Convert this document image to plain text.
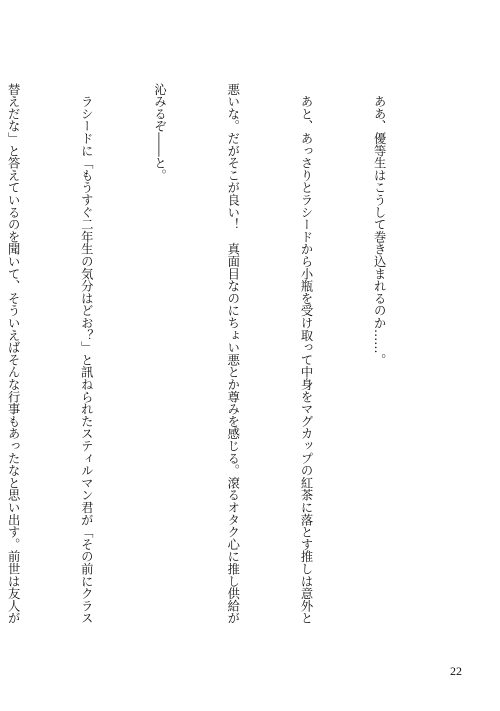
　ああ、優等生はこうして巻き込まれるのか……。

　あと、あっさりとラシードから小瓶を受け取って中身をマグカップの紅茶に落とす推しは意外と

悪いな。だがそこが良い！　真面目なのにちょい悪とか尊みを感じる。滾るオタク心に推し供給が

沁みるぞ――と。

　ラシードに「もうすぐ二年生の気分はどお？」と訊ねられたスティルマン君が「その前にクラス

替えだな」と答えているのを聞いて、そういえばそんな行事もあったなと思い出す。前世は友人が

22
